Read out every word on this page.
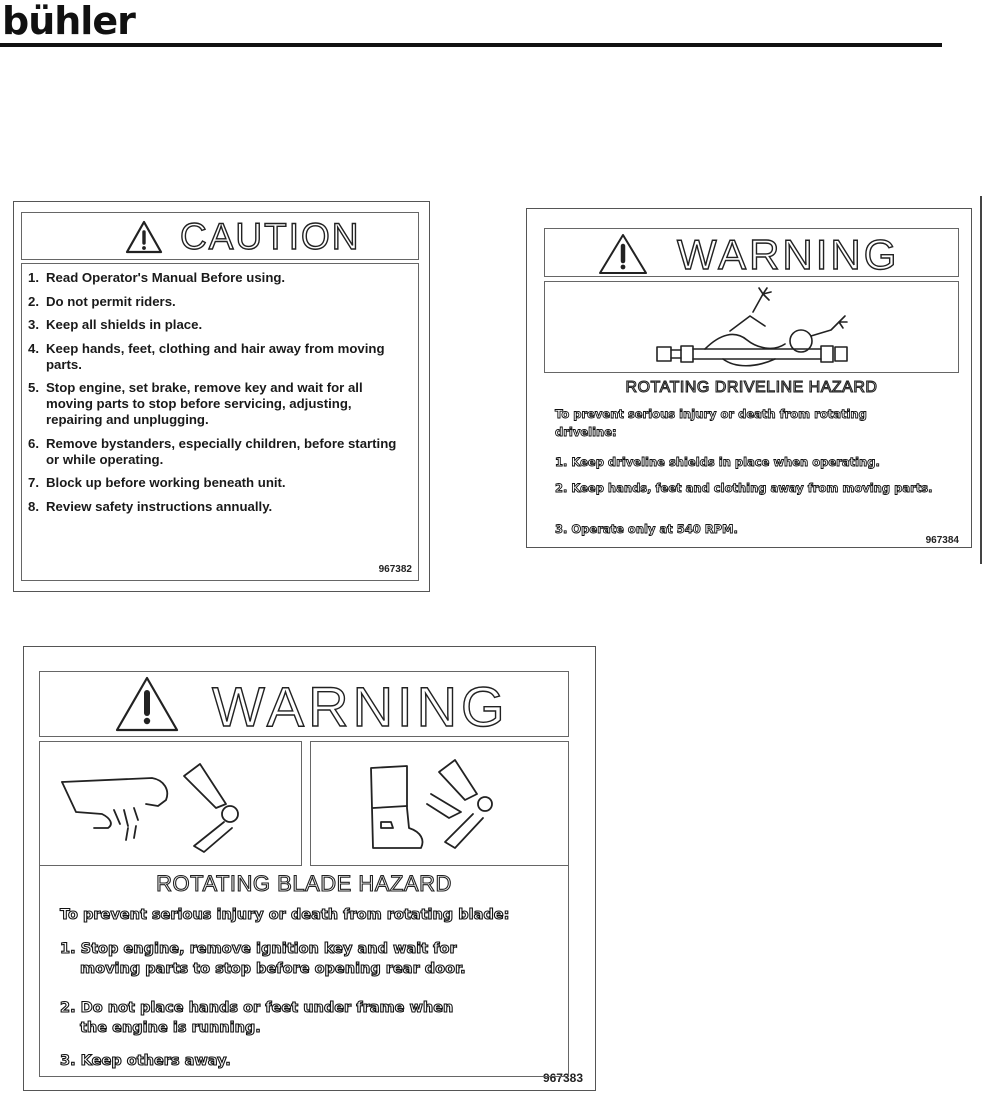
bühler
CAUTION
1. Read Operator's Manual Before using.
2. Do not permit riders.
3. Keep all shields in place.
4. Keep hands, feet, clothing and hair away from moving parts.
5. Stop engine, set brake, remove key and wait for all moving parts to stop before servicing, adjusting, repairing and unplugging.
6. Remove bystanders, especially children, before starting or while operating.
7. Block up before working beneath unit.
8. Review safety instructions annually.
967382
WARNING
ROTATING DRIVELINE HAZARD
To prevent serious injury or death from rotating driveline:
1. Keep driveline shields in place when operating.
2. Keep hands, feet and clothing away from moving parts.
3. Operate only at 540 RPM.
967384
WARNING
ROTATING BLADE HAZARD
To prevent serious injury or death from rotating blade:
1. Stop engine, remove ignition key and wait for
moving parts to stop before opening rear door.
2. Do not place hands or feet under frame when
the engine is running.
3. Keep others away.
967383
